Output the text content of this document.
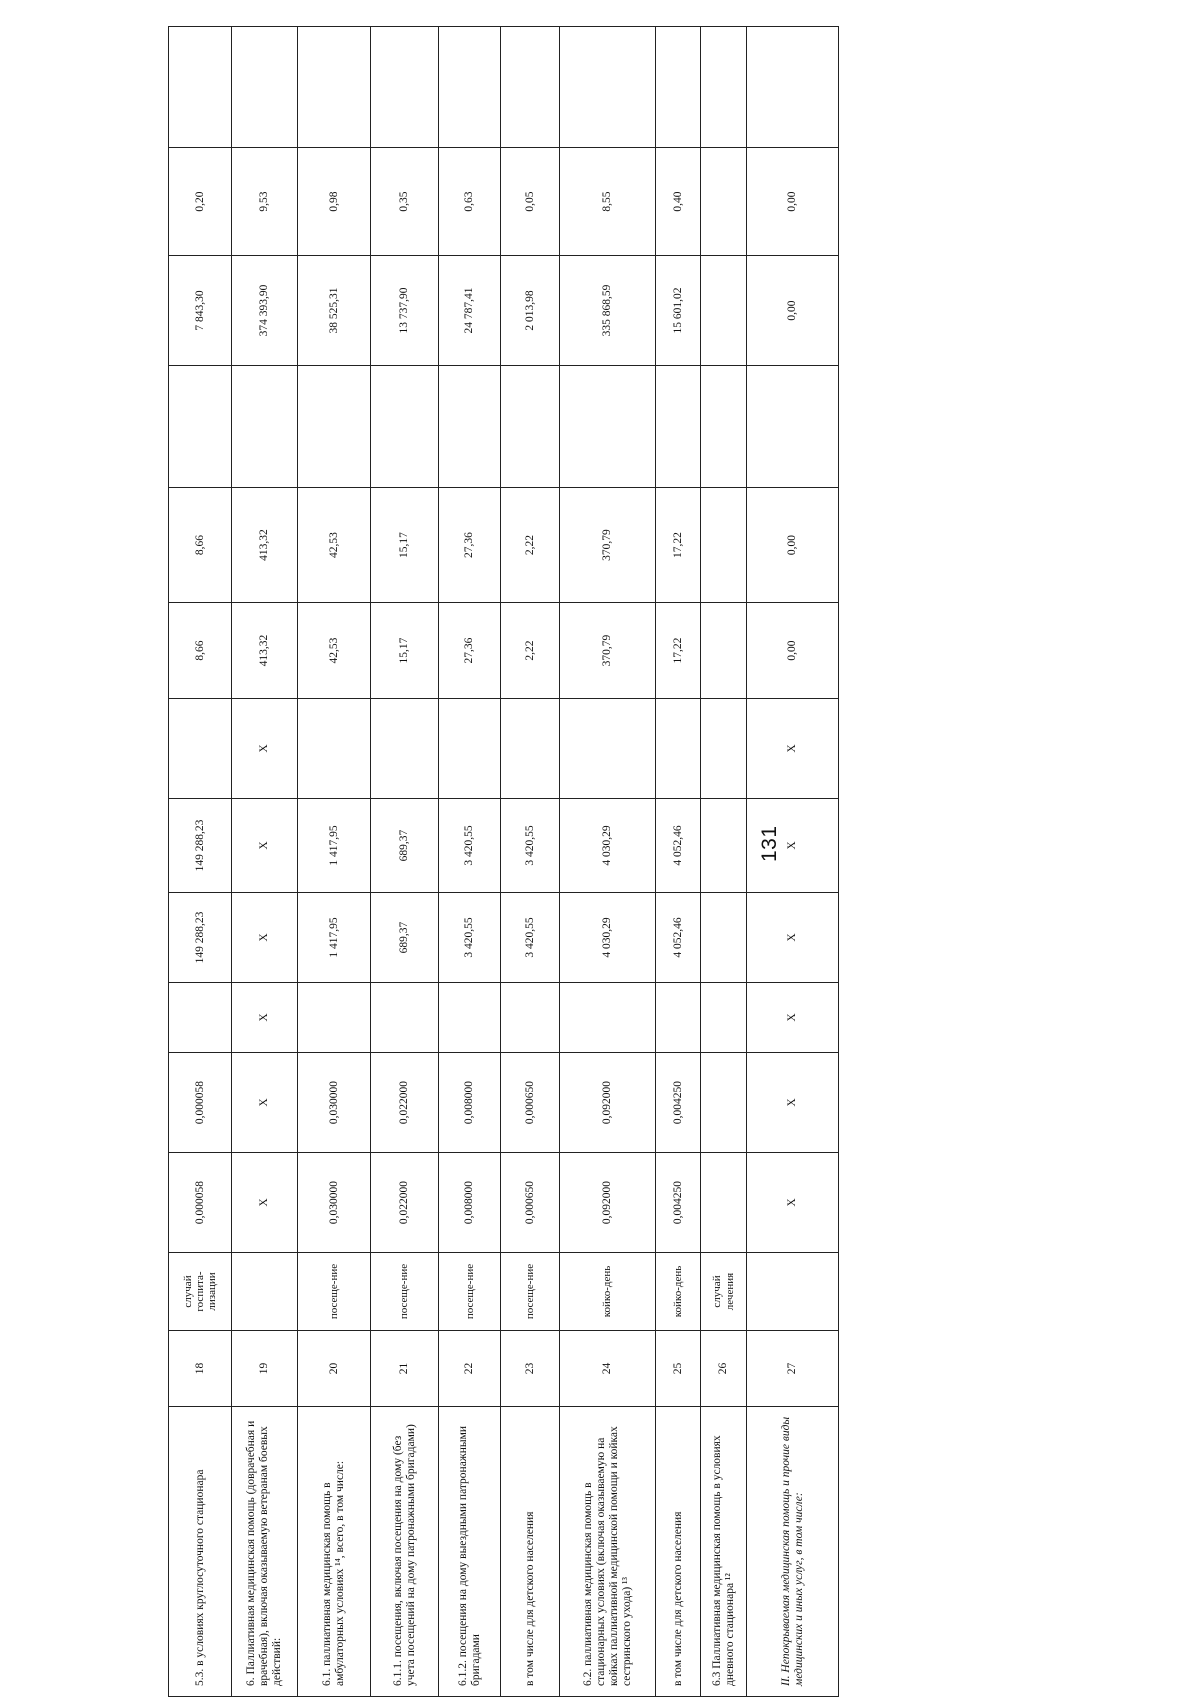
131
5.3. в условиях круглосуточного стационара	18	случай госпита-лизации	0,000058	0,000058		149 288,23	149 288,23		8,66	8,66		7 843,30	0,20		
6. Паллиативная медицинская помощь (доврачебная и врачебная), включая оказываемую ветеранам боевых действий:	19		X	X	X	X	X	X	413,32	413,32		374 393,90	9,53		
6.1. паллиативная медицинская помощь в амбулаторных условиях ¹⁴, всего, в том числе:	20	посеще-ние	0,030000	0,030000		1 417,95	1 417,95		42,53	42,53		38 525,31	0,98		
6.1.1. посещения, включая посещения на дому (без учета посещений на дому патронажными бригадами)	21	посеще-ние	0,022000	0,022000		689,37	689,37		15,17	15,17		13 737,90	0,35		
6.1.2. посещения на дому выездными патронажными бригадами	22	посеще-ние	0,008000	0,008000		3 420,55	3 420,55		27,36	27,36		24 787,41	0,63		
в том числе для детского населения	23	посеще-ние	0,000650	0,000650		3 420,55	3 420,55		2,22	2,22		2 013,98	0,05		
6.2. паллиативная медицинская помощь в стационарных условиях (включая оказываемую на койках паллиативной медицинской помощи и койках сестринского ухода) ¹³	24	койко-день	0,092000	0,092000		4 030,29	4 030,29		370,79	370,79		335 868,59	8,55		
в том числе для детского населения	25	койко-день	0,004250	0,004250		4 052,46	4 052,46		17,22	17,22		15 601,02	0,40		
6.3 Паллиативная медицинская помощь в условиях дневного стационара ¹²	26	случай лечения													
II. Непокрываемая медицинская помощь и прочие виды медицинских и иных услуг, в том числе:	27		X	X	X	X	X	X	0,00	0,00		0,00	0,00		
